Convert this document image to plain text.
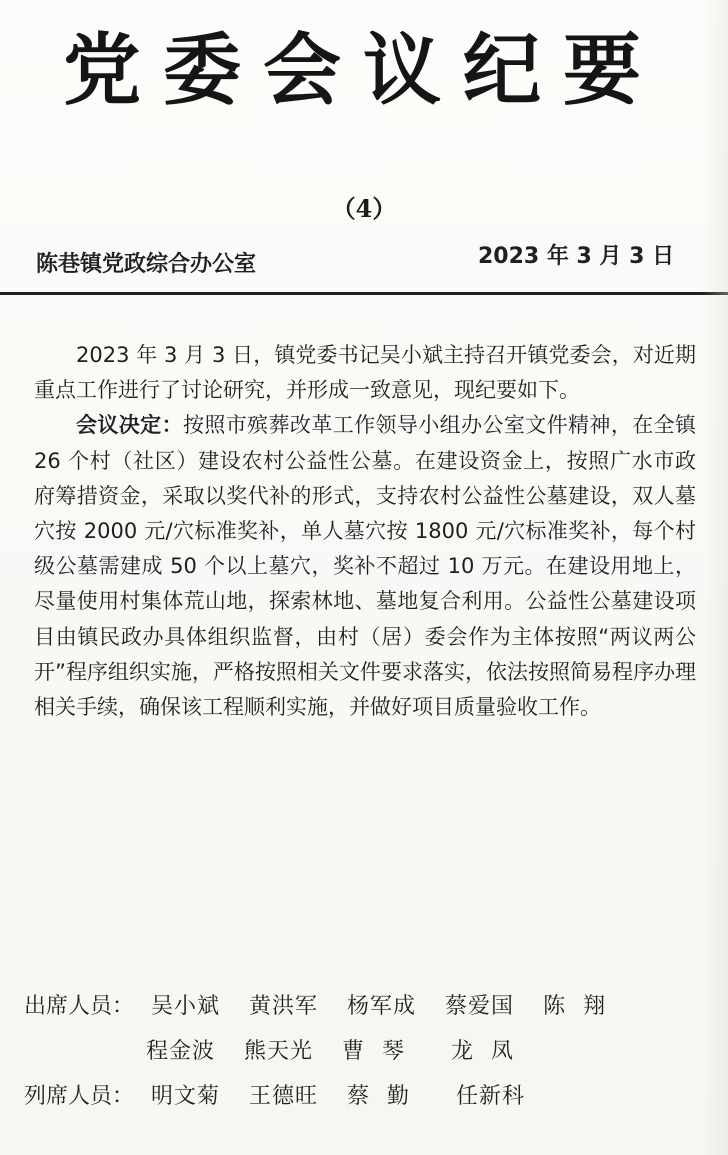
党委会议纪要
（4）
陈巷镇党政综合办公室	2023 年 3 月 3 日

2023 年 3 月 3 日，镇党委书记吴小斌主持召开镇党委会，对近期重点工作进行了讨论研究，并形成一致意见，现纪要如下。

会议决定：按照市殡葬改革工作领导小组办公室文件精神，在全镇 26 个村（社区）建设农村公益性公墓。在建设资金上，按照广水市政府筹措资金，采取以奖代补的形式，支持农村公益性公墓建设，双人墓穴按 2000 元/穴标准奖补，单人墓穴按 1800 元/穴标准奖补，每个村级公墓需建成 50 个以上墓穴，奖补不超过 10 万元。在建设用地上，尽量使用村集体荒山地，探索林地、墓地复合利用。公益性公墓建设项目由镇民政办具体组织监督，由村（居）委会作为主体按照“两议两公开”程序组织实施，严格按照相关文件要求落实，依法按照简易程序办理相关手续，确保该工程顺利实施，并做好项目质量验收工作。

出席人员： 吴小斌 黄洪军 杨军成 蔡爱国 陈翔
程金波 熊天光 曹琴 龙凤
列席人员： 明文菊 王德旺 蔡勤 任新科
